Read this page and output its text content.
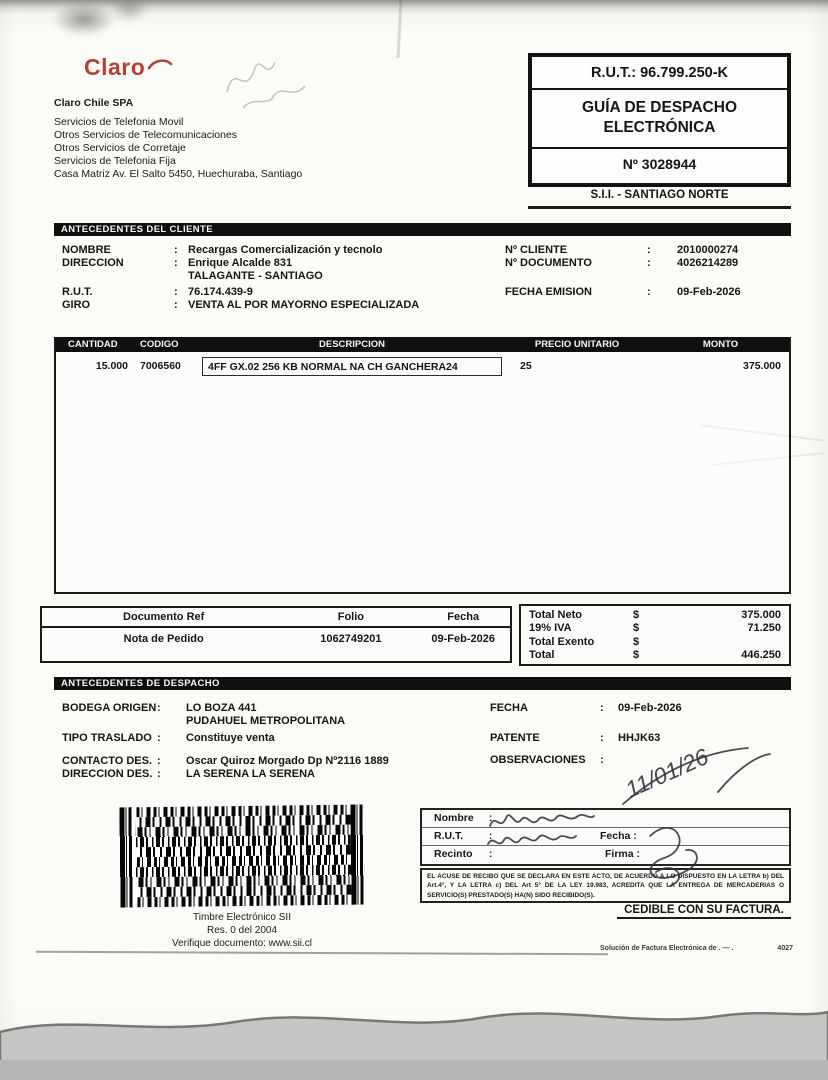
Claro
Claro Chile SPA
Servicios de Telefonia Movil
Otros Servicios de Telecomunicaciones
Otros Servicios de Corretaje
Servicios de Telefonia Fija
Casa Matriz Av. El Salto 5450, Huechuraba, Santiago
R.U.T.: 96.799.250-K
GUÍA DE DESPACHO ELECTRÓNICA
Nº 3028944
S.I.I. - SANTIAGO NORTE
ANTECEDENTES DEL CLIENTE
NOMBRE	: Recargas Comercialización y tecnolo
DIRECCION	: Enrique Alcalde 831
TALAGANTE - SANTIAGO
R.U.T.	: 76.174.439-9
GIRO	: VENTA AL POR MAYORNO ESPECIALIZADA
Nº CLIENTE	:	2010000274
Nº DOCUMENTO	:	4026214289
FECHA EMISION	:	09-Feb-2026
CANTIDAD	CODIGO	DESCRIPCION	PRECIO UNITARIO	MONTO
15.000	7006560	4FF GX.02 256 KB NORMAL NA CH GANCHERA24	25	375.000
Documento Ref	Folio	Fecha
Nota de Pedido	1062749201	09-Feb-2026
Total Neto	$	375.000
19% IVA	$	71.250
Total Exento	$
Total	$	446.250
ANTECEDENTES DE DESPACHO
BODEGA ORIGEN :	LO BOZA 441
PUDAHUEL METROPOLITANA
TIPO TRASLADO :	Constituye venta
CONTACTO DES. :	Oscar Quiroz Morgado Dp Nº2116 1889
DIRECCION DES. :	LA SERENA LA SERENA
FECHA	:	09-Feb-2026
PATENTE	:	HHJK63
OBSERVACIONES	:
Timbre Electrónico SII
Res. 0 del 2004
Verifique documento: www.sii.cl
Nombre :
R.U.T. :	Fecha :
Recinto :	Firma :
EL ACUSE DE RECIBO QUE SE DECLARA EN ESTE ACTO, DE ACUERDO A LO DISPUESTO EN LA LETRA b) DEL Art.4°, Y LA LETRA c) DEL Art 5° DE LA LEY 19.983, ACREDITA QUE LA ENTREGA DE MERCADERIAS O SERVICIO(S) PRESTADO(S) HA(N) SIDO RECIBIDO(S).
CEDIBLE CON SU FACTURA.
Solución de Factura Electrónica de . — .	4027
11/01/26
